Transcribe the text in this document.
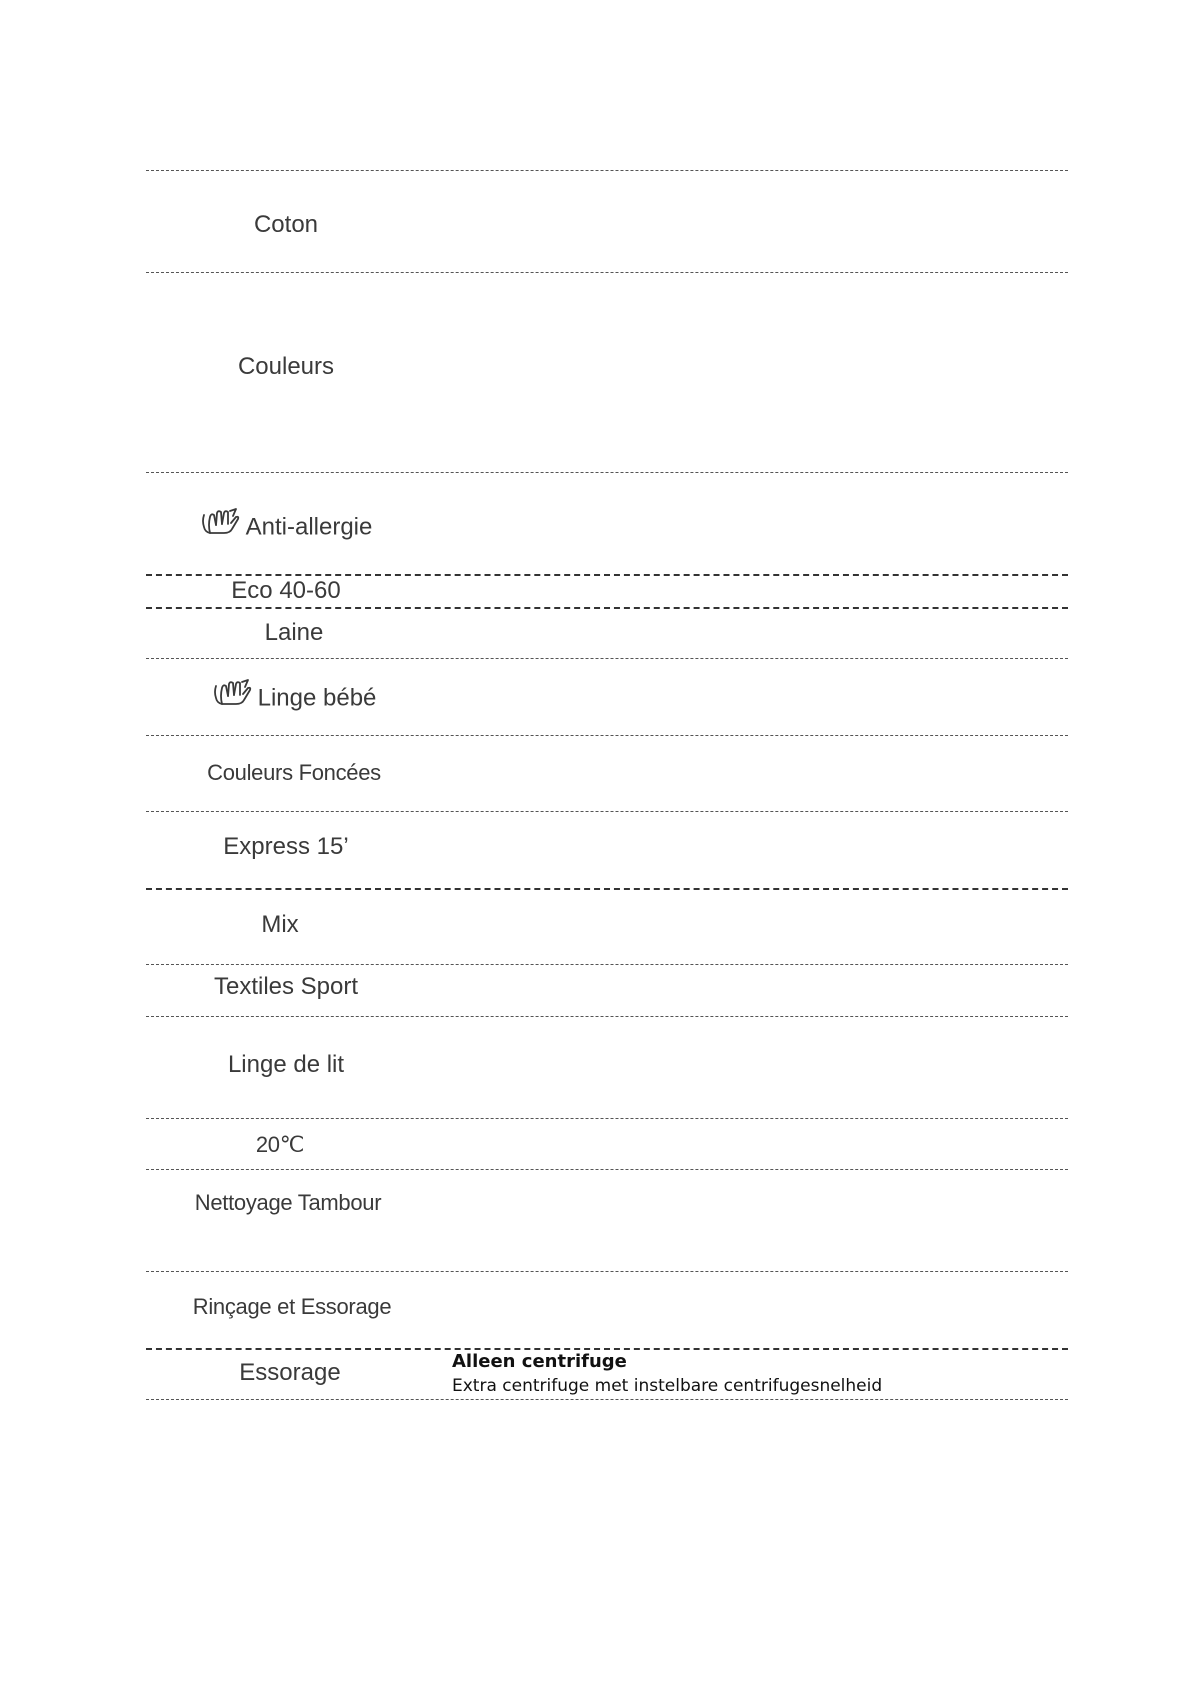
Coton
Couleurs
Anti-allergie
Eco 40-60
Laine
Linge bébé
Couleurs Foncées
Express 15’
Mix
Textiles Sport
Linge de lit
20℃
Nettoyage Tambour
Rinçage et Essorage
Essorage	Alleen centrifuge
Extra centrifuge met instelbare centrifugesnelheid
